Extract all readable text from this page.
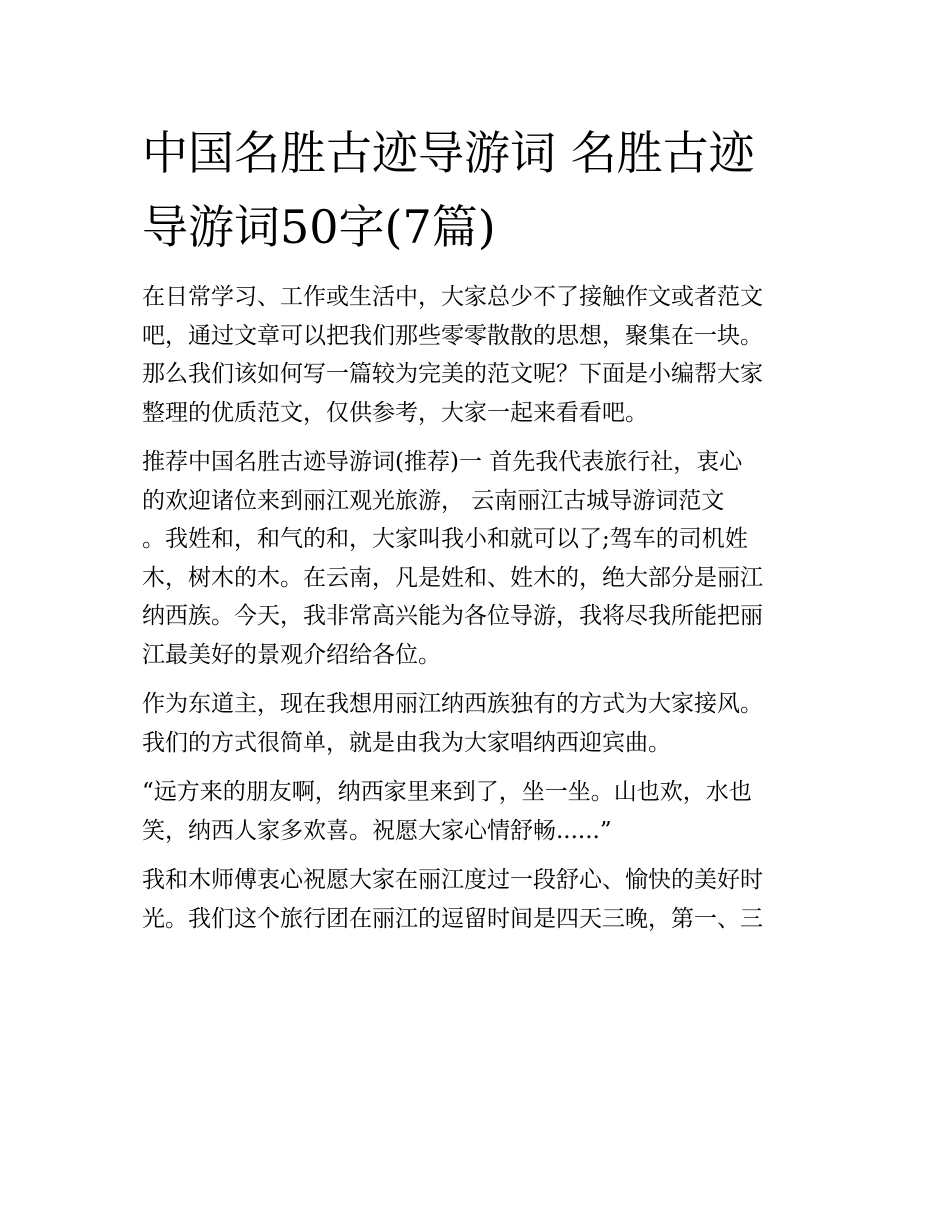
中国名胜古迹导游词 名胜古迹
导游词50字(7篇)
在日常学习、工作或生活中，大家总少不了接触作文或者范文
吧，通过文章可以把我们那些零零散散的思想，聚集在一块。
那么我们该如何写一篇较为完美的范文呢？下面是小编帮大家
整理的优质范文，仅供参考，大家一起来看看吧。
推荐中国名胜古迹导游词(推荐)一 首先我代表旅行社，衷心
的欢迎诸位来到丽江观光旅游， 云南丽江古城导游词范文
。我姓和，和气的和，大家叫我小和就可以了;驾车的司机姓
木，树木的木。在云南，凡是姓和、姓木的，绝大部分是丽江
纳西族。今天，我非常高兴能为各位导游，我将尽我所能把丽
江最美好的景观介绍给各位。
作为东道主，现在我想用丽江纳西族独有的方式为大家接风。
我们的方式很简单，就是由我为大家唱纳西迎宾曲。
“远方来的朋友啊，纳西家里来到了，坐一坐。山也欢，水也
笑，纳西人家多欢喜。祝愿大家心情舒畅......”
我和木师傅衷心祝愿大家在丽江度过一段舒心、愉快的美好时
光。我们这个旅行团在丽江的逗留时间是四天三晚，第一、三
